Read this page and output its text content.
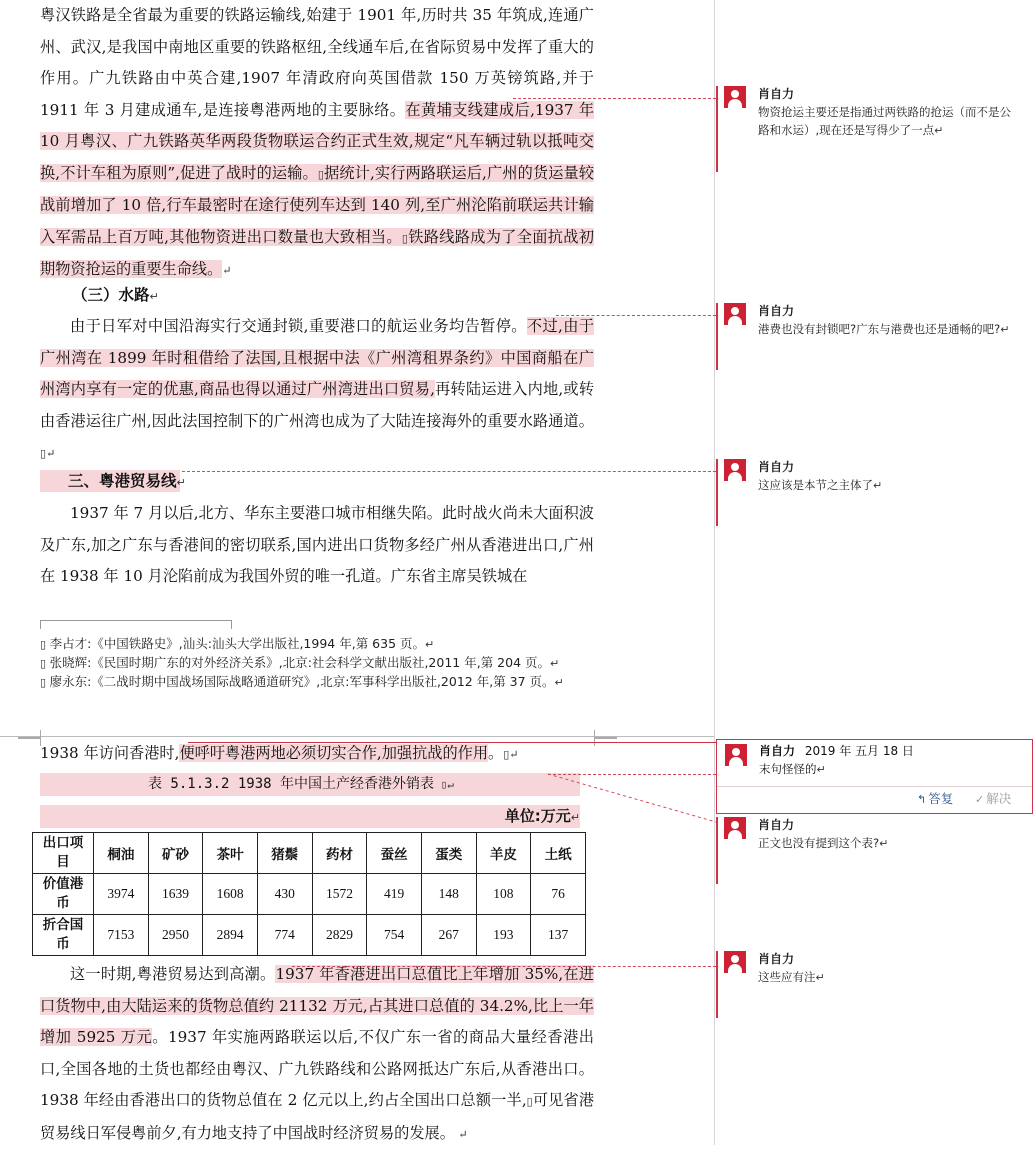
粤汉铁路是全省最为重要的铁路运输线,始建于 1901 年,历时共 35 年筑成,连通广州、武汉,是我国中南地区重要的铁路枢纽,全线通车后,在省际贸易中发挥了重大的作用。广九铁路由中英合建,1907 年清政府向英国借款 150 万英镑筑路,并于 1911 年 3 月建成通车,是连接粤港两地的主要脉络。在黄埔支线建成后,1937 年 10 月粤汉、广九铁路英华两段货物联运合约正式生效,规定“凡车辆过轨以抵吨交换,不计车租为原则”,促进了战时的运输。▯据统计,实行两路联运后,广州的货运量较战前增加了 10 倍,行车最密时在途行使列车达到 140 列,至广州沦陷前联运共计输入军需品上百万吨,其他物资进出口数量也大致相当。▯铁路线路成为了全面抗战初期物资抢运的重要生命线。↵
（三）水路↵
由于日军对中国沿海实行交通封锁,重要港口的航运业务均告暂停。不过,由于广州湾在 1899 年时租借给了法国,且根据中法《广州湾租界条约》中国商船在广州湾内享有一定的优惠,商品也得以通过广州湾进出口贸易,再转陆运进入内地,或转由香港运往广州,因此法国控制下的广州湾也成为了大陆连接海外的重要水路通道。▯↵
三、粤港贸易线↵
1937 年 7 月以后,北方、华东主要港口城市相继失陷。此时战火尚未大面积波及广东,加之广东与香港间的密切联系,国内进出口货物多经广州从香港进出口,广州在 1938 年 10 月沦陷前成为我国外贸的唯一孔道。广东省主席吴铁城在
▯ 李占才:《中国铁路史》,汕头:汕头大学出版社,1994 年,第 635 页。↵
▯ 张晓辉:《民国时期广东的对外经济关系》,北京:社会科学文献出版社,2011 年,第 204 页。↵
▯ 廖永东:《二战时期中国战场国际战略通道研究》,北京:军事科学出版社,2012 年,第 37 页。↵
1938 年访问香港时,便呼吁粤港两地必须切实合作,加强抗战的作用。▯↵
表 5.1.3.2 1938 年中国土产经香港外销表 ▯↵
单位:万元↵
出口项目	桐油	矿砂	茶叶	猪鬃	药材	蚕丝	蛋类	羊皮	土纸
价值港币	3974	1639	1608	430	1572	419	148	108	76
折合国币	7153	2950	2894	774	2829	754	267	193	137
这一时期,粤港贸易达到高潮。1937 年香港进出口总值比上年增加 35%,在进口货物中,由大陆运来的货物总值约 21132 万元,占其进口总值的 34.2%,比上一年增加 5925 万元。1937 年实施两路联运以后,不仅广东一省的商品大量经香港出口,全国各地的土货也都经由粤汉、广九铁路线和公路网抵达广东后,从香港出口。1938 年经由香港出口的货物总值在 2 亿元以上,约占全国出口总额一半,▯可见省港贸易线日军侵粤前夕,有力地支持了中国战时经济贸易的发展。 ↵
肖自力
物资抢运主要还是指通过两铁路的抢运（而不是公路和水运）,现在还是写得少了一点↵
肖自力
港费也没有封锁吧?广东与港费也还是通畅的吧?↵
肖自力
这应该是本节之主体了↵
肖自力 2019 年 五月 18 日
末句怪怪的↵
↰ 答复 ✓ 解决
肖自力
正文也没有提到这个表?↵
肖自力
这些应有注↵
